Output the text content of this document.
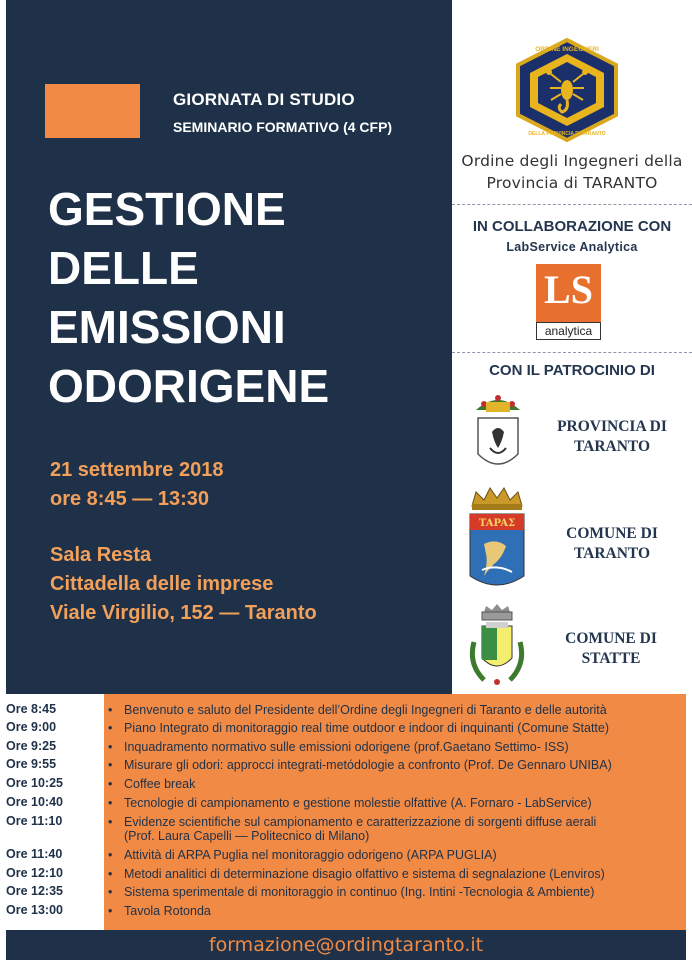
GIORNATA DI STUDIO
SEMINARIO FORMATIVO (4 CFP)
GESTIONE
DELLE
EMISSIONI
ODORIGENE
21 settembre 2018
ore 8:45 — 13:30
Sala Resta
Cittadella delle imprese
Viale Virgilio, 152 — Taranto
ORDINE INGEGNERI
DELLA PROVINCIA DI TARANTO
Ordine degli Ingegneri della
Provincia di TARANTO
IN COLLABORAZIONE CON
LabService Analytica
LS
analytica
CON IL PATROCINIO DI
PROVINCIA DI
TARANTO
TAPAΣ
COMUNE DI
TARANTO
COMUNE DI
STATTE
Ore 8:45
Ore 9:00
Ore 9:25
Ore 9:55
Ore 10:25
Ore 10:40
Ore 11:10
Ore 11:40
Ore 12:10
Ore 12:35
Ore 13:00
• Benvenuto e saluto del Presidente dell’Ordine degli Ingegneri di Taranto e delle autorità
• Piano Integrato di monitoraggio real time outdoor e indoor di inquinanti (Comune Statte)
• Inquadramento normativo sulle emissioni odorigene (prof.Gaetano Settimo- ISS)
• Misurare gli odori: approcci integrati-metódologie a confronto (Prof. De Gennaro UNIBA)
• Coffee break
• Tecnologie di campionamento e gestione molestie olfattive (A. Fornaro - LabService)
• Evidenze scientifiche sul campionamento e caratterizzazione di sorgenti diffuse aerali
(Prof. Laura Capelli — Politecnico di Milano)
• Attività di ARPA Puglia nel monitoraggio odorigeno (ARPA PUGLIA)
• Metodi analitici di determinazione disagio olfattivo e sistema di segnalazione (Lenviros)
• Sistema sperimentale di monitoraggio in continuo (Ing. Intini -Tecnologia & Ambiente)
• Tavola Rotonda
formazione@ordingtaranto.it
